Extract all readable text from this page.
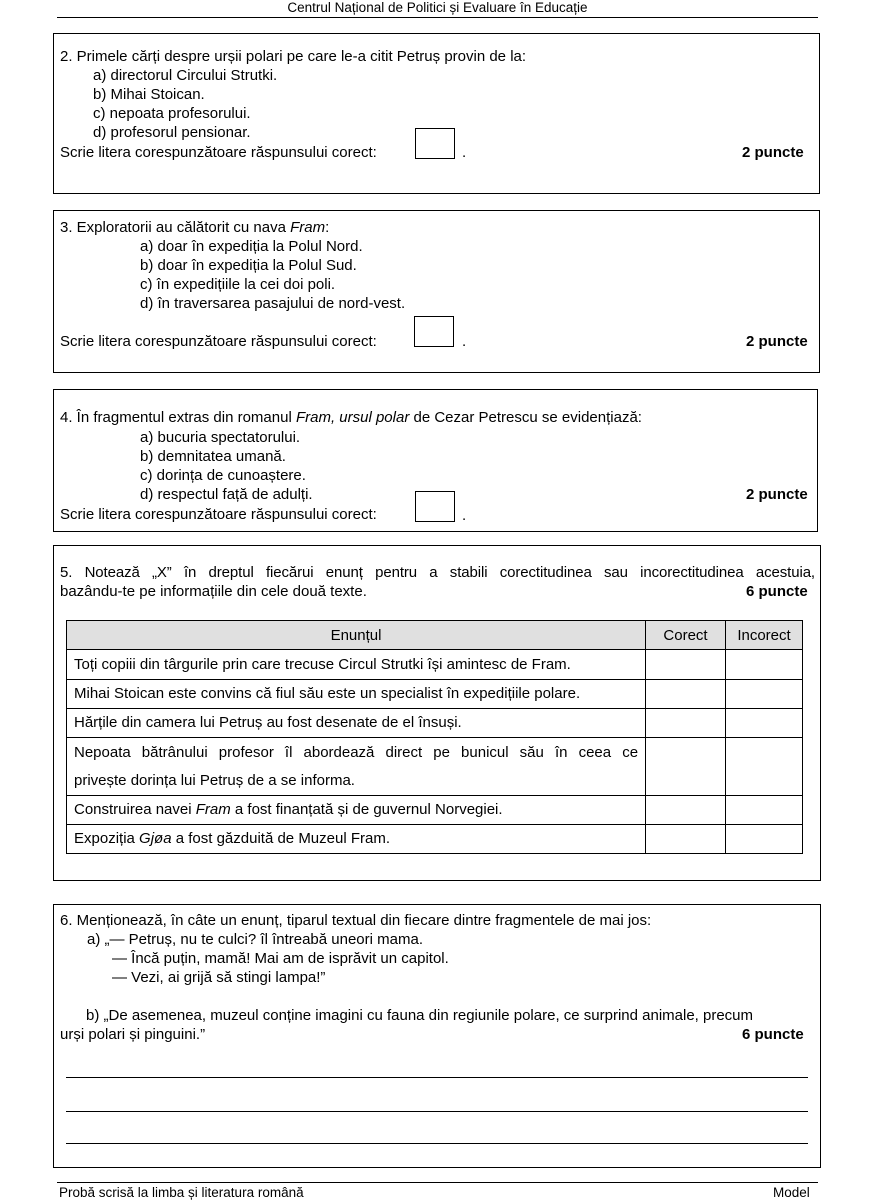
Centrul Național de Politici și Evaluare în Educație
2. Primele cărți despre urșii polari pe care le-a citit Petruș provin de la:
a) directorul Circului Strutki.
b) Mihai Stoican.
c) nepoata profesorului.
d) profesorul pensionar.
Scrie litera corespunzătoare răspunsului corect:	.	2 puncte
3. Exploratorii au călătorit cu nava Fram:
a) doar în expediția la Polul Nord.
b) doar în expediția la Polul Sud.
c) în expedițiile la cei doi poli.
d) în traversarea pasajului de nord-vest.
Scrie litera corespunzătoare răspunsului corect:	.	2 puncte
4. În fragmentul extras din romanul Fram, ursul polar de Cezar Petrescu se evidențiază:
a) bucuria spectatorului.
b) demnitatea umană.
c) dorința de cunoaștere.
d) respectul față de adulți.	2 puncte
Scrie litera corespunzătoare răspunsului corect:	.
5. Notează „X” în dreptul fiecărui enunț pentru a stabili corectitudinea sau incorectitudinea acestuia,
bazându-te pe informațiile din cele două texte.	6 puncte
Enunțul	Corect	Incorect
Toți copiii din târgurile prin care trecuse Circul Strutki își amintesc de Fram.		
Mihai Stoican este convins că fiul său este un specialist în expedițiile polare.		
Hărțile din camera lui Petruș au fost desenate de el însuși.		

Nepoata bătrânului profesor îl abordează direct pe bunicul său în ceea ce
privește dorința lui Petruș de a se informa.		

Construirea navei Fram a fost finanțată și de guvernul Norvegiei.		
Expoziția Gjøa a fost găzduită de Muzeul Fram.		
6. Menționează, în câte un enunț, tiparul textual din fiecare dintre fragmentele de mai jos:
a) „— Petruș, nu te culci? îl întreabă uneori mama.
— Încă puțin, mamă! Mai am de isprăvit un capitol.
— Vezi, ai grijă să stingi lampa!”
b) „De asemenea, muzeul conține imagini cu fauna din regiunile polare, ce surprind animale, precum
urși polari și pinguini.”	6 puncte
Probă scrisă la limba și literatura română	Model
